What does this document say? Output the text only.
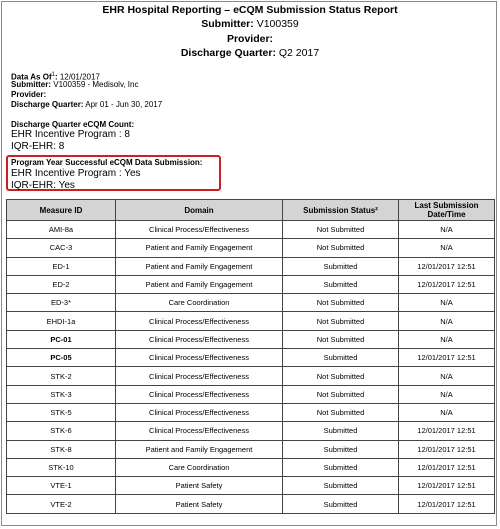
EHR Hospital Reporting – eCQM Submission Status Report
Submitter: V100359
Provider:
Discharge Quarter: Q2 2017
Data As Of$^1$: 12/01/2017
Submitter: V100359 - Medisolv, Inc
Provider:
Discharge Quarter: Apr 01 - Jun 30, 2017
Discharge Quarter eCQM Count:
EHR Incentive Program : 8
IQR-EHR: 8
Program Year Successful eCQM Data Submission:
EHR Incentive Program : Yes
IQR-EHR: Yes
Measure ID	Domain	Submission Status²	Last Submission Date/Time
AMI-8a	Clinical Process/Effectiveness	Not Submitted	N/A
CAC-3	Patient and Family Engagement	Not Submitted	N/A
ED-1	Patient and Family Engagement	Submitted	12/01/2017 12:51
ED-2	Patient and Family Engagement	Submitted	12/01/2017 12:51
ED-3*	Care Coordination	Not Submitted	N/A
EHDI-1a	Clinical Process/Effectiveness	Not Submitted	N/A
PC-01	Clinical Process/Effectiveness	Not Submitted	N/A
PC-05	Clinical Process/Effectiveness	Submitted	12/01/2017 12:51
STK-2	Clinical Process/Effectiveness	Not Submitted	N/A
STK-3	Clinical Process/Effectiveness	Not Submitted	N/A
STK-5	Clinical Process/Effectiveness	Not Submitted	N/A
STK-6	Clinical Process/Effectiveness	Submitted	12/01/2017 12:51
STK-8	Patient and Family Engagement	Submitted	12/01/2017 12:51
STK-10	Care Coordination	Submitted	12/01/2017 12:51
VTE-1	Patient Safety	Submitted	12/01/2017 12:51
VTE-2	Patient Safety	Submitted	12/01/2017 12:51
